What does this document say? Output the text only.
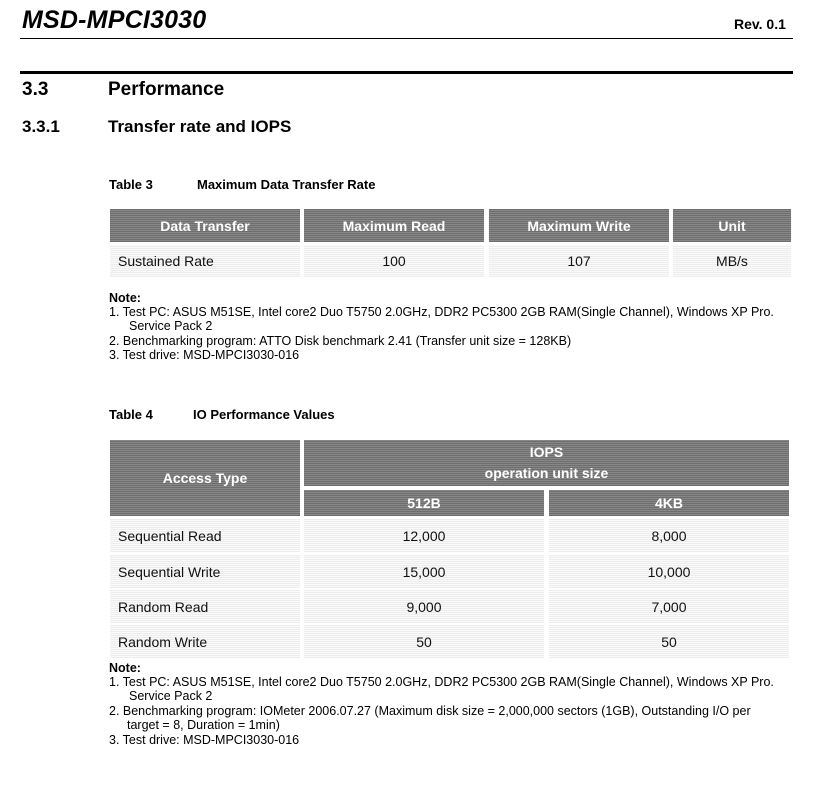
MSD-MPCI3030	Rev. 0.1
3.3	Performance
3.3.1	Transfer rate and IOPS
Table 3	Maximum Data Transfer Rate
Data Transfer	Maximum Read	Maximum Write	Unit
Sustained Rate	100	107	MB/s
Note:
1. Test PC: ASUS M51SE, Intel core2 Duo T5750 2.0GHz, DDR2 PC5300 2GB RAM(Single Channel), Windows XP Pro.
Service Pack 2
2. Benchmarking program: ATTO Disk benchmark 2.41 (Transfer unit size = 128KB)
3. Test drive: MSD-MPCI3030-016
Table 4	IO Performance Values
Access Type
IOPS
operation unit size
512B	4KB
Sequential Read	12,000	8,000
Sequential Write	15,000	10,000
Random Read	9,000	7,000
Random Write	50	50
Note:
1. Test PC: ASUS M51SE, Intel core2 Duo T5750 2.0GHz, DDR2 PC5300 2GB RAM(Single Channel), Windows XP Pro.
Service Pack 2
2. Benchmarking program: IOMeter 2006.07.27 (Maximum disk size = 2,000,000 sectors (1GB), Outstanding I/O per
target = 8, Duration = 1min)
3. Test drive: MSD-MPCI3030-016
